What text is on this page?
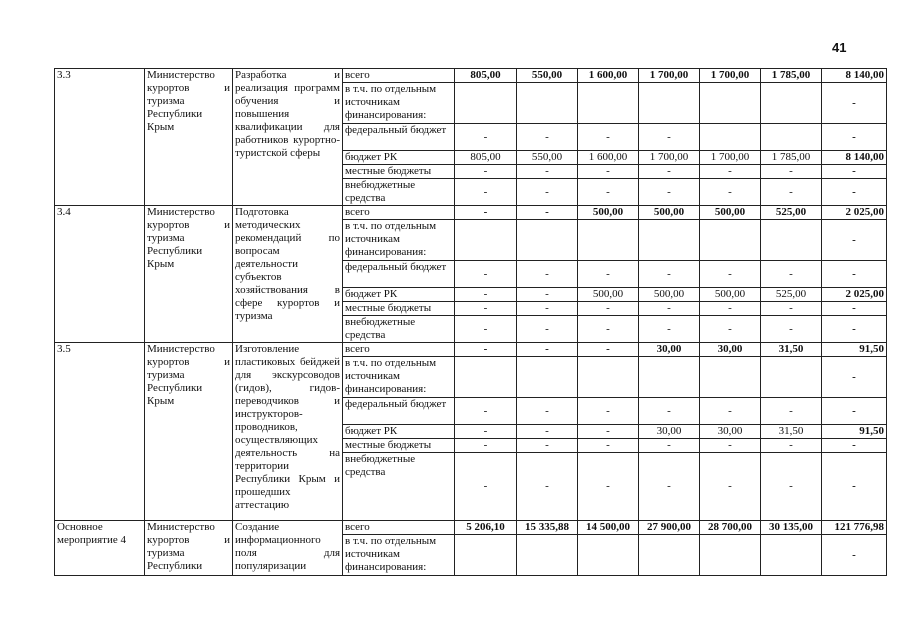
41
3.3	Министерство курортов и туризма Республики Крым	Разработка и реализация программ обучения и повышения квалификации для работников курортно-туристской сферы	всего	805,00	550,00	1 600,00	1 700,00	1 700,00	1 785,00	8 140,00
			в т.ч. по отдельным источникам финансирования:							-
			федеральный бюджет	-	-	-	-			-
			бюджет РК	805,00	550,00	1 600,00	1 700,00	1 700,00	1 785,00	8 140,00
			местные бюджеты	-	-	-	-	-	-	-
			внебюджетные средства	-	-	-	-	-	-	-
3.4	Министерство курортов и туризма Республики Крым	Подготовка методических рекомендаций по вопросам деятельности субъектов хозяйствования в сфере курортов и туризма	всего	-	-	500,00	500,00	500,00	525,00	2 025,00
			в т.ч. по отдельным источникам финансирования:							-
			федеральный бюджет	-	-	-	-	-	-	-
			бюджет РК	-	-	500,00	500,00	500,00	525,00	2 025,00
			местные бюджеты	-	-	-	-	-	-	-
			внебюджетные средства	-	-	-	-	-	-	-
3.5	Министерство курортов и туризма Республики Крым	Изготовление пластиковых бейджей для экскурсоводов (гидов), гидов-переводчиков и инструкторов-проводников, осуществляющих деятельность на территории Республики Крым и прошедших аттестацию	всего	-	-	-	30,00	30,00	31,50	91,50
			в т.ч. по отдельным источникам финансирования:							-
			федеральный бюджет	-	-	-	-	-	-	-
			бюджет РК	-	-	-	30,00	30,00	31,50	91,50
			местные бюджеты	-	-	-	-	-	-	-
			внебюджетные средства	-	-	-	-	-	-	-
Основное мероприятие 4	Министерство курортов и туризма Республики	Создание информационного поля для популяризации	всего	5 206,10	15 335,88	14 500,00	27 900,00	28 700,00	30 135,00	121 776,98
			в т.ч. по отдельным источникам финансирования:							-
